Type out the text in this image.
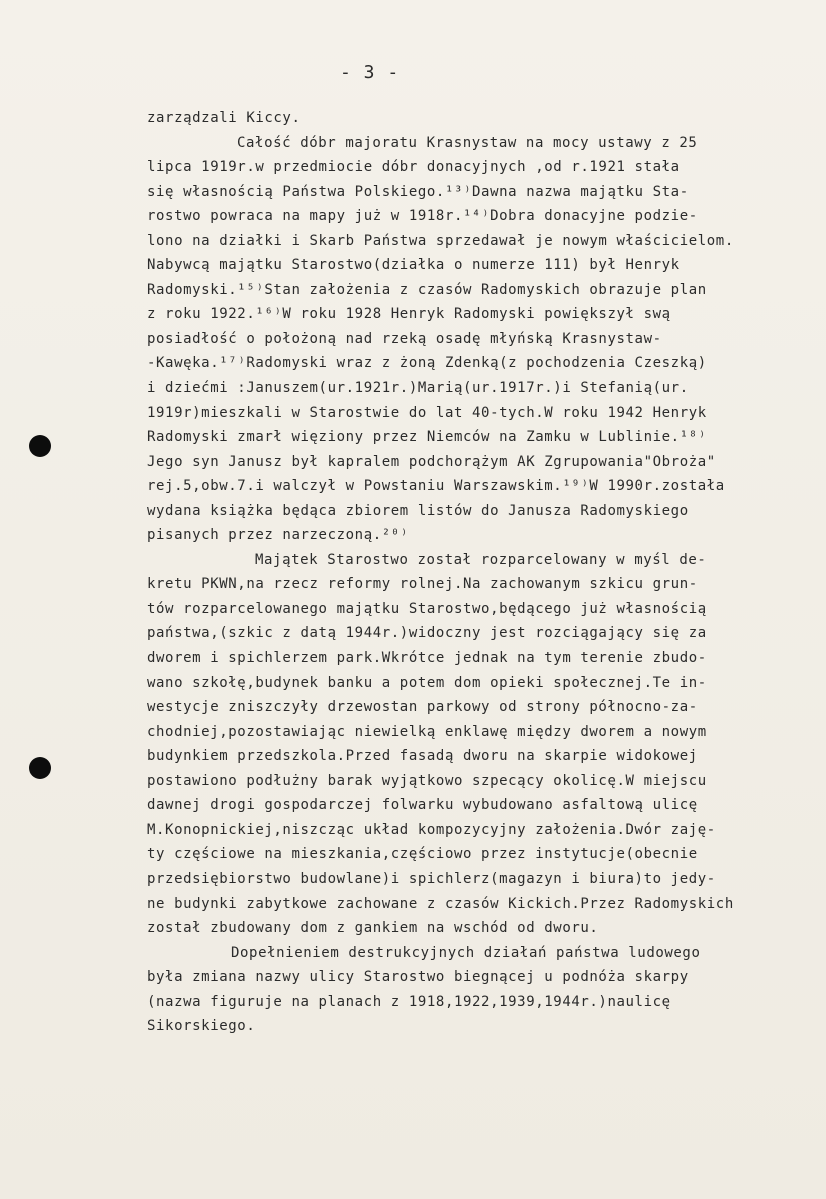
- 3 -
zarządzali Kiccy.
Całość dóbr majoratu Krasnystaw na mocy ustawy z 25
lipca 1919r.w przedmiocie dóbr donacyjnych ,od r.1921 stała
się własnością Państwa Polskiego.¹³⁾Dawna nazwa majątku Sta-
rostwo powraca na mapy już w 1918r.¹⁴⁾Dobra donacyjne podzie-
lono na działki i Skarb Państwa sprzedawał je nowym właścicielom.
Nabywcą majątku Starostwo(działka o numerze 111) był Henryk
Radomyski.¹⁵⁾Stan założenia z czasów Radomyskich obrazuje plan
z roku 1922.¹⁶⁾W roku 1928 Henryk Radomyski powiększył swą
posiadłość o położoną nad rzeką osadę młyńską Krasnystaw-
-Kawęka.¹⁷⁾Radomyski wraz z żoną Zdenką(z pochodzenia Czeszką)
i dziećmi :Januszem(ur.1921r.)Marią(ur.1917r.)i Stefanią(ur.
1919r)mieszkali w Starostwie do lat 40-tych.W roku 1942 Henryk
Radomyski zmarł więziony przez Niemców na Zamku w Lublinie.¹⁸⁾
Jego syn Janusz był kapralem podchorążym AK Zgrupowania"Obroża"
rej.5,obw.7.i walczył w Powstaniu Warszawskim.¹⁹⁾W 1990r.została
wydana książka będąca zbiorem listów do Janusza Radomyskiego
pisanych przez narzeczoną.²⁰⁾
Majątek Starostwo został rozparcelowany w myśl de-
kretu PKWN,na rzecz reformy rolnej.Na zachowanym szkicu grun-
tów rozparcelowanego majątku Starostwo,będącego już własnością
państwa,(szkic z datą 1944r.)widoczny jest rozciągający się za
dworem i spichlerzem park.Wkrótce jednak na tym terenie zbudo-
wano szkołę,budynek banku a potem dom opieki społecznej.Te in-
westycje zniszczyły drzewostan parkowy od strony północno-za-
chodniej,pozostawiając niewielką enklawę między dworem a nowym
budynkiem przedszkola.Przed fasadą dworu na skarpie widokowej
postawiono podłużny barak wyjątkowo szpecący okolicę.W miejscu
dawnej drogi gospodarczej folwarku wybudowano asfaltową ulicę
M.Konopnickiej,niszcząc układ kompozycyjny założenia.Dwór zaję-
ty częściowe na mieszkania,częściowo przez instytucje(obecnie
przedsiębiorstwo budowlane)i spichlerz(magazyn i biura)to jedy-
ne budynki zabytkowe zachowane z czasów Kickich.Przez Radomyskich
został zbudowany dom z gankiem na wschód od dworu.
Dopełnieniem destrukcyjnych działań państwa ludowego
była zmiana nazwy ulicy Starostwo biegnącej u podnóża skarpy
(nazwa figuruje na planach z 1918,1922,1939,1944r.)naulicę
Sikorskiego.
